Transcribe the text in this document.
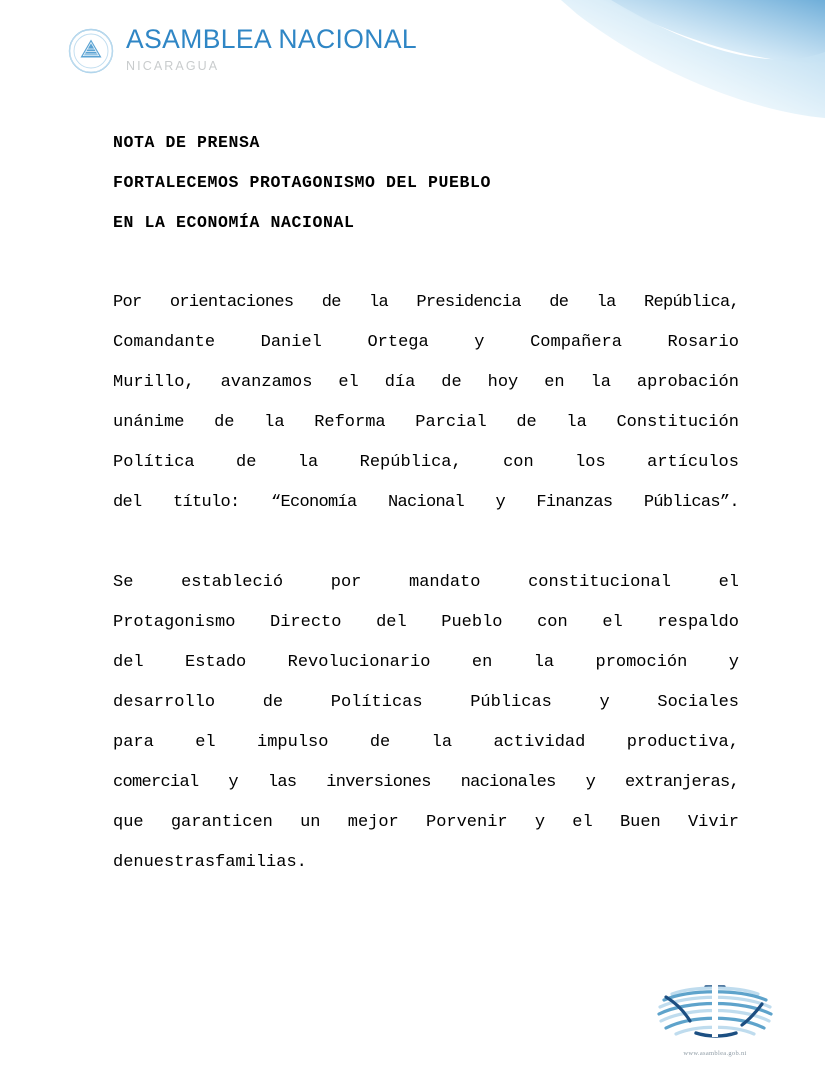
ASAMBLEA NACIONAL
NICARAGUA
NOTA DE PRENSA
FORTALECEMOS PROTAGONISMO DEL PUEBLO
EN LA ECONOMÍA NACIONAL
Por orientaciones de la Presidencia de la República,
Comandante	Daniel	Ortega	y	Compañera	Rosario
Murillo, avanzamos el día de hoy en la aprobación
unánime de la Reforma Parcial de la Constitución
Política de la República, con los artículos
del título: “Economía Nacional y Finanzas Públicas”.
Se	estableció	por	mandato	constitucional	el
Protagonismo Directo del Pueblo con el respaldo
del Estado Revolucionario en la promoción y
desarrollo	de	Políticas	Públicas	y	Sociales
para el impulso de la actividad productiva,
comercial y las inversiones nacionales y extranjeras,
que garanticen un mejor Porvenir y el Buen Vivir
de nuestras familias.
www.asamblea.gob.ni
